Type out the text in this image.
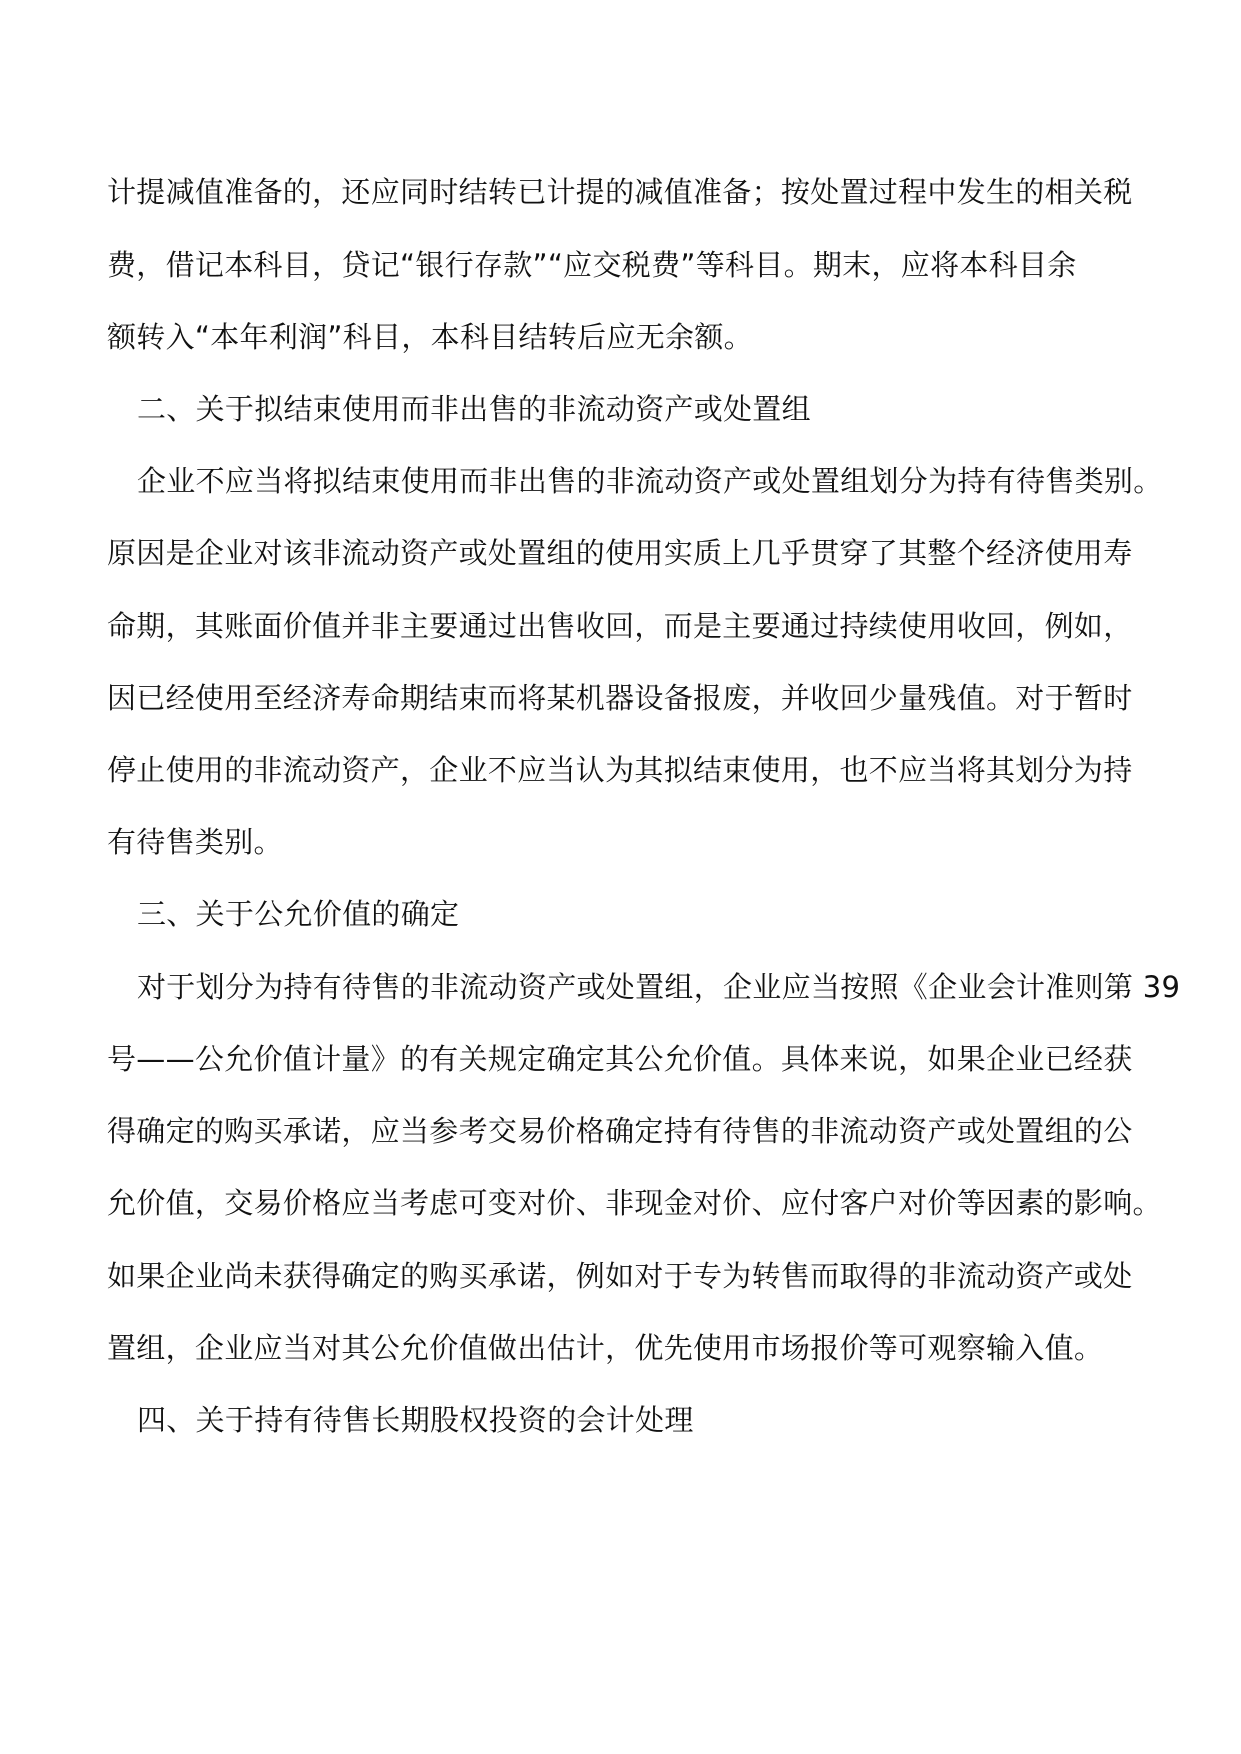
计提减值准备的，还应同时结转已计提的减值准备；按处置过程中发生的相关税
费，借记本科目，贷记“银行存款”“应交税费”等科目。期末，应将本科目余
额转入“本年利润”科目，本科目结转后应无余额。
二、关于拟结束使用而非出售的非流动资产或处置组
企业不应当将拟结束使用而非出售的非流动资产或处置组划分为持有待售类别。
原因是企业对该非流动资产或处置组的使用实质上几乎贯穿了其整个经济使用寿
命期，其账面价值并非主要通过出售收回，而是主要通过持续使用收回，例如，
因已经使用至经济寿命期结束而将某机器设备报废，并收回少量残值。对于暂时
停止使用的非流动资产，企业不应当认为其拟结束使用，也不应当将其划分为持
有待售类别。
三、关于公允价值的确定
对于划分为持有待售的非流动资产或处置组，企业应当按照《企业会计准则第 39
号——公允价值计量》的有关规定确定其公允价值。具体来说，如果企业已经获
得确定的购买承诺，应当参考交易价格确定持有待售的非流动资产或处置组的公
允价值，交易价格应当考虑可变对价、非现金对价、应付客户对价等因素的影响。
如果企业尚未获得确定的购买承诺，例如对于专为转售而取得的非流动资产或处
置组，企业应当对其公允价值做出估计，优先使用市场报价等可观察输入值。
四、关于持有待售长期股权投资的会计处理
